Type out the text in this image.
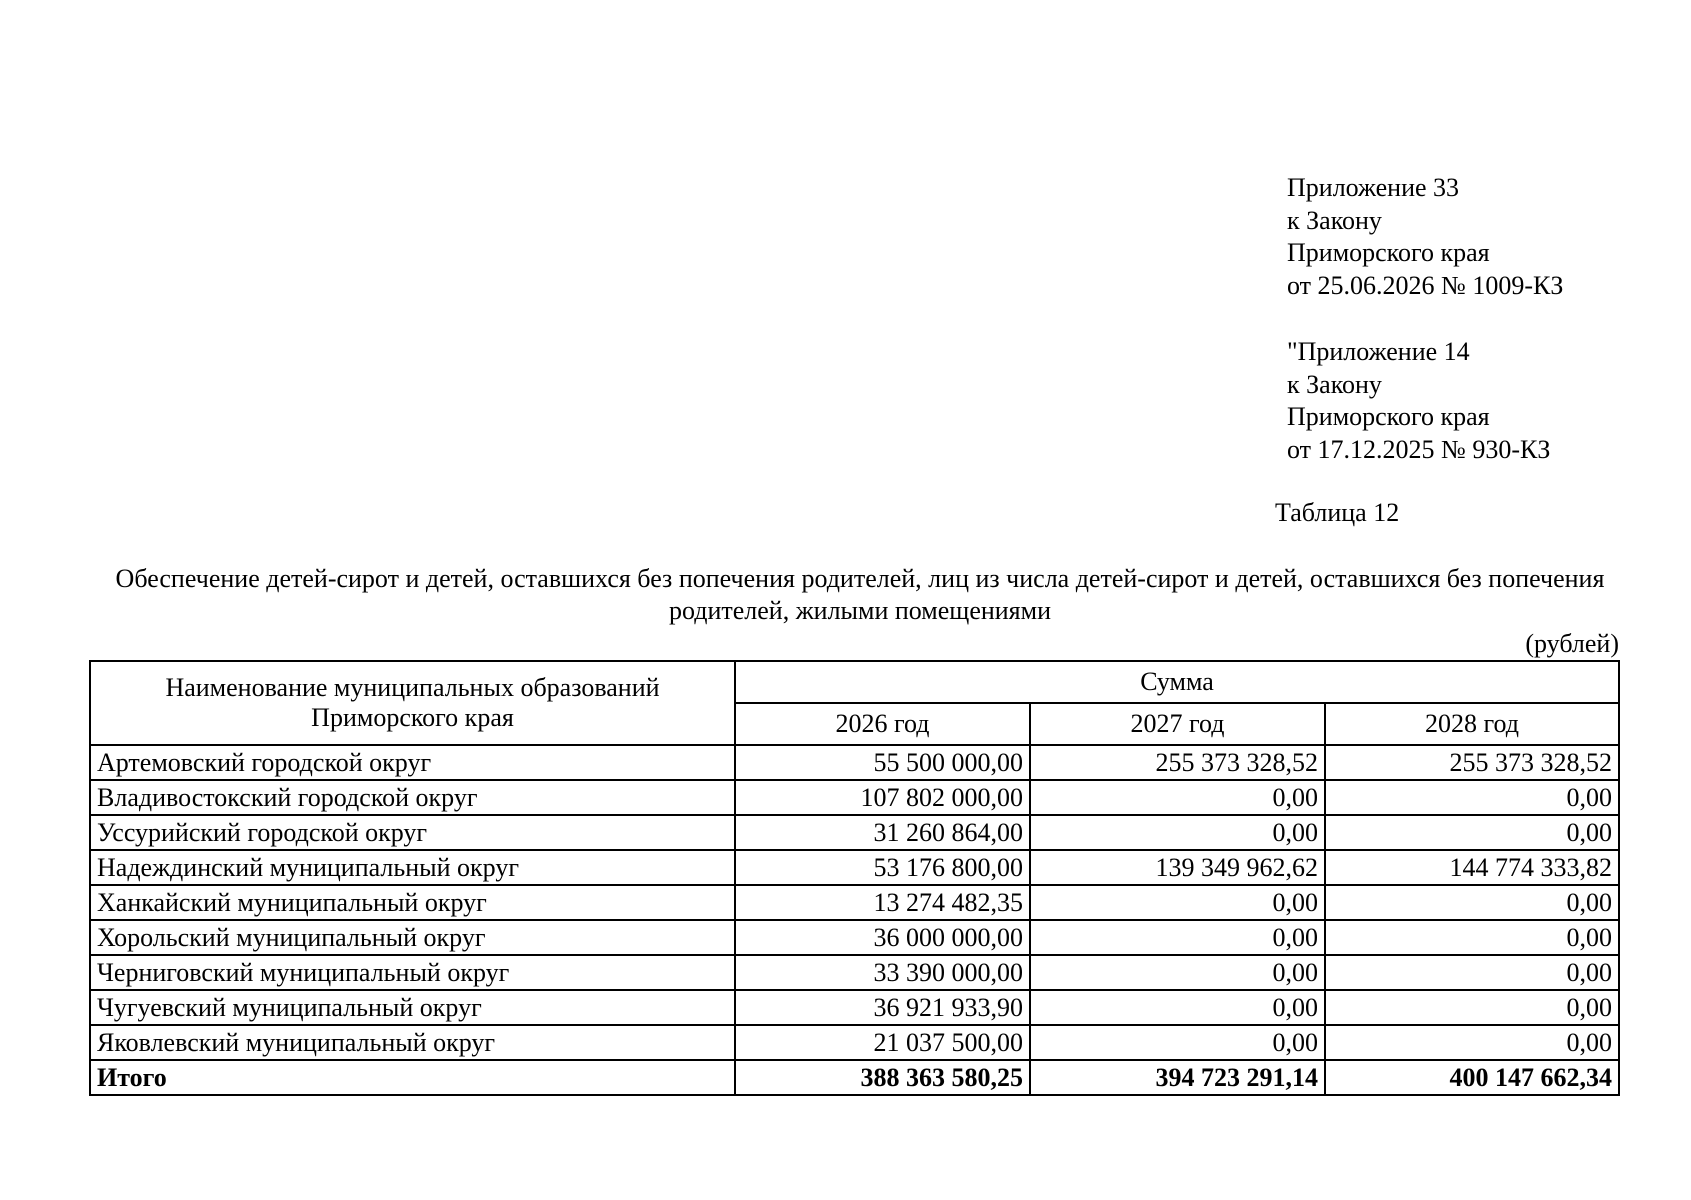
Приложение 33
к Закону
Приморского края
от 25.06.2026 № 1009-КЗ
"Приложение 14
к Закону
Приморского края
от 17.12.2025 № 930-КЗ
Таблица 12
Обеспечение детей-сирот и детей, оставшихся без попечения родителей, лиц из числа детей-сирот и детей, оставшихся без попечения родителей, жилыми помещениями
(рублей)
Наименование муниципальных образований
Приморского края	Сумма		
	2026 год	2027 год	2028 год
Артемовский городской округ	55 500 000,00	255 373 328,52	255 373 328,52
Владивостокский городской округ	107 802 000,00	0,00	0,00
Уссурийский городской округ	31 260 864,00	0,00	0,00
Надеждинский муниципальный округ	53 176 800,00	139 349 962,62	144 774 333,82
Ханкайский муниципальный округ	13 274 482,35	0,00	0,00
Хорольский муниципальный округ	36 000 000,00	0,00	0,00
Черниговский муниципальный округ	33 390 000,00	0,00	0,00
Чугуевский муниципальный округ	36 921 933,90	0,00	0,00
Яковлевский муниципальный округ	21 037 500,00	0,00	0,00
Итого	388 363 580,25	394 723 291,14	400 147 662,34
